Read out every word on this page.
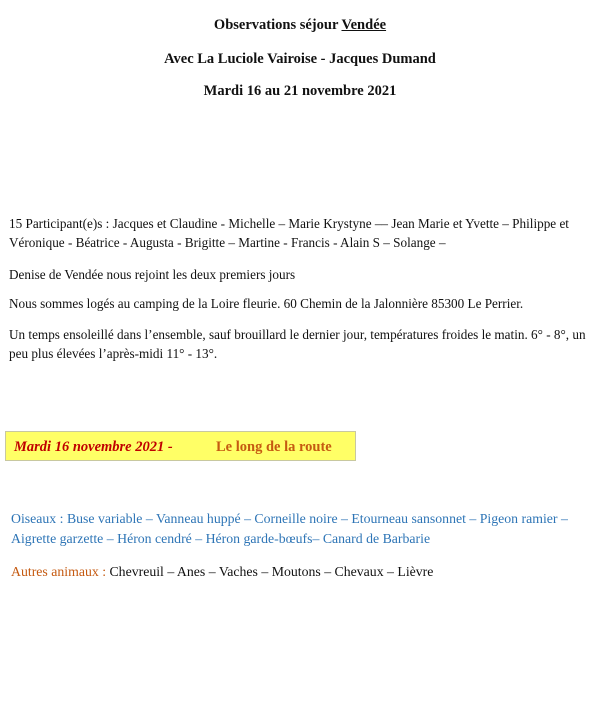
Observations séjour Vendée

Avec La Luciole Vairoise - Jacques Dumand

Mardi 16 au 21 novembre 2021

15 Participant(e)s : Jacques et Claudine - Michelle – Marie Krystyne –– Jean Marie et Yvette – Philippe et Véronique - Béatrice - Augusta - Brigitte – Martine - Francis - Alain S – Solange –

Denise de Vendée nous rejoint les deux premiers jours

Nous sommes logés au camping de la Loire fleurie. 60 Chemin de la Jalonnière 85300 Le Perrier.

Un temps ensoleillé dans l’ensemble, sauf brouillard le dernier jour, températures froides le matin. 6° - 8°, un peu plus élevées l’après-midi 11° - 13°.

Mardi 16 novembre 2021 -	Le long de la route

Oiseaux : Buse variable – Vanneau huppé – Corneille noire – Etourneau sansonnet – Pigeon ramier – Aigrette garzette – Héron cendré – Héron garde-bœufs– Canard de Barbarie

Autres animaux : Chevreuil – Anes – Vaches – Moutons – Chevaux – Lièvre
